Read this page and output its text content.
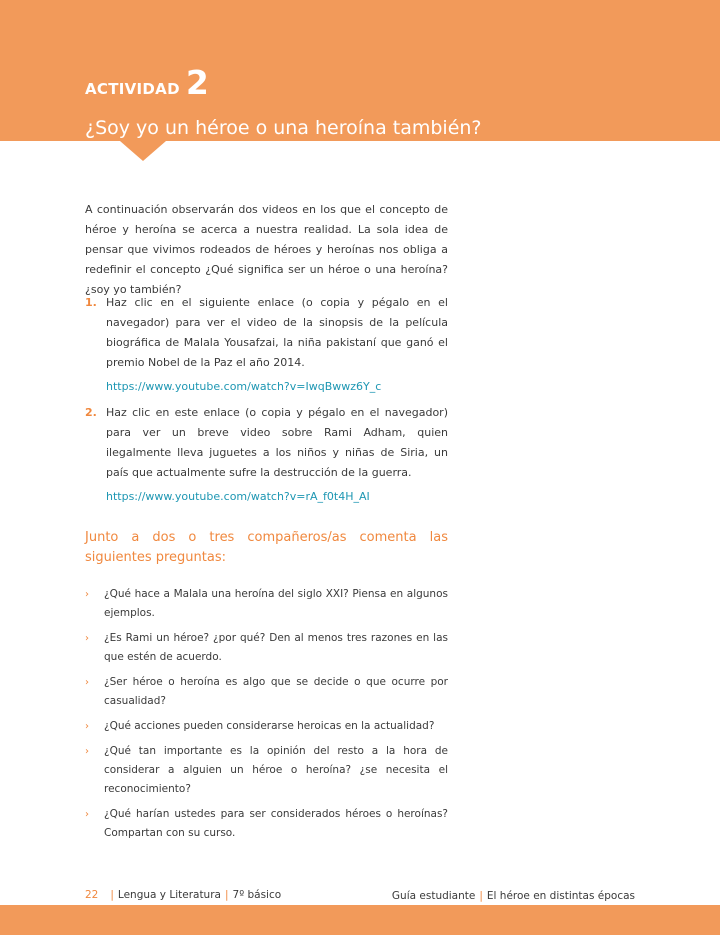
ACTIVIDAD 2
¿Soy yo un héroe o una heroína también?

A continuación observarán dos videos en los que el concepto de héroe y heroína se acerca a nuestra realidad. La sola idea de pensar que vivimos rodeados de héroes y heroínas nos obliga a redefinir el concepto ¿Qué significa ser un héroe o una heroína? ¿soy yo también?

1. Haz clic en el siguiente enlace (o copia y pégalo en el navegador) para ver el video de la sinopsis de la película biográfica de Malala Yousafzai, la niña pakistaní que ganó el premio Nobel de la Paz el año 2014.
https://www.youtube.com/watch?v=IwqBwwz6Y_c
2. Haz clic en este enlace (o copia y pégalo en el navegador) para ver un breve video sobre Rami Adham, quien ilegalmente lleva juguetes a los niños y niñas de Siria, un país que actualmente sufre la destrucción de la guerra.
https://www.youtube.com/watch?v=rA_f0t4H_AI
Junto a dos o tres compañeros/as comenta las siguientes preguntas:
› ¿Qué hace a Malala una heroína del siglo XXI? Piensa en algunos ejemplos.
› ¿Es Rami un héroe? ¿por qué? Den al menos tres razones en las que estén de acuerdo.
› ¿Ser héroe o heroína es algo que se decide o que ocurre por casualidad?
› ¿Qué acciones pueden considerarse heroicas en la actualidad?
› ¿Qué tan importante es la opinión del resto a la hora de considerar a alguien un héroe o heroína? ¿se necesita el reconocimiento?
› ¿Qué harían ustedes para ser considerados héroes o heroínas? Compartan con su curso.
22 | Lengua y Literatura | 7º básico	Guía estudiante | El héroe en distintas épocas
